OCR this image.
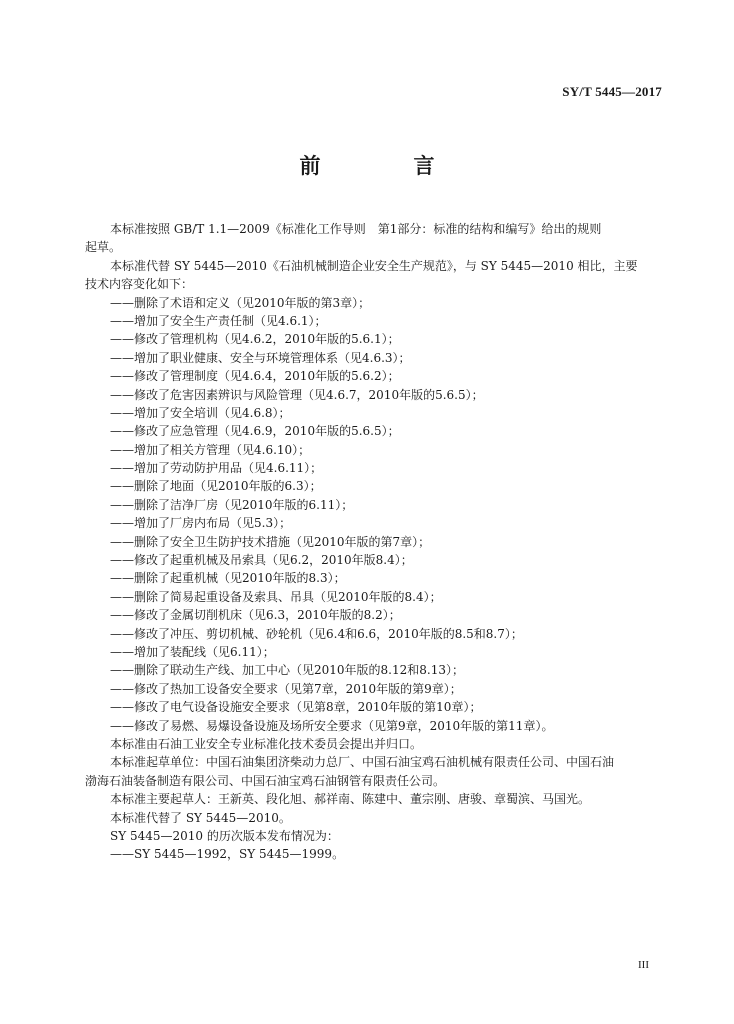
SY/T 5445—2017
前　言
本标准按照 GB/T 1.1—2009《标准化工作导则　第1部分：标准的结构和编写》给出的规则
起草。
本标准代替 SY 5445—2010《石油机械制造企业安全生产规范》，与 SY 5445—2010 相比，主要
技术内容变化如下：
——删除了术语和定义（见2010年版的第3章）；
——增加了安全生产责任制（见4.6.1）；
——修改了管理机构（见4.6.2，2010年版的5.6.1）；
——增加了职业健康、安全与环境管理体系（见4.6.3）；
——修改了管理制度（见4.6.4，2010年版的5.6.2）；
——修改了危害因素辨识与风险管理（见4.6.7，2010年版的5.6.5）；
——增加了安全培训（见4.6.8）；
——修改了应急管理（见4.6.9，2010年版的5.6.5）；
——增加了相关方管理（见4.6.10）；
——增加了劳动防护用品（见4.6.11）；
——删除了地面（见2010年版的6.3）；
——删除了洁净厂房（见2010年版的6.11）；
——增加了厂房内布局（见5.3）；
——删除了安全卫生防护技术措施（见2010年版的第7章）；
——修改了起重机械及吊索具（见6.2，2010年版8.4）；
——删除了起重机械（见2010年版的8.3）；
——删除了简易起重设备及索具、吊具（见2010年版的8.4）；
——修改了金属切削机床（见6.3，2010年版的8.2）；
——修改了冲压、剪切机械、砂轮机（见6.4和6.6，2010年版的8.5和8.7）；
——增加了装配线（见6.11）；
——删除了联动生产线、加工中心（见2010年版的8.12和8.13）；
——修改了热加工设备安全要求（见第7章，2010年版的第9章）；
——修改了电气设备设施安全要求（见第8章，2010年版的第10章）；
——修改了易燃、易爆设备设施及场所安全要求（见第9章，2010年版的第11章）。
本标准由石油工业安全专业标准化技术委员会提出并归口。
本标准起草单位：中国石油集团济柴动力总厂、中国石油宝鸡石油机械有限责任公司、中国石油
渤海石油装备制造有限公司、中国石油宝鸡石油钢管有限责任公司。
本标准主要起草人：王新英、段化旭、郝祥南、陈建中、董宗刚、唐骏、章蜀滨、马国光。
本标准代替了 SY 5445—2010。
SY 5445—2010 的历次版本发布情况为：
——SY 5445—1992，SY 5445—1999。
III
